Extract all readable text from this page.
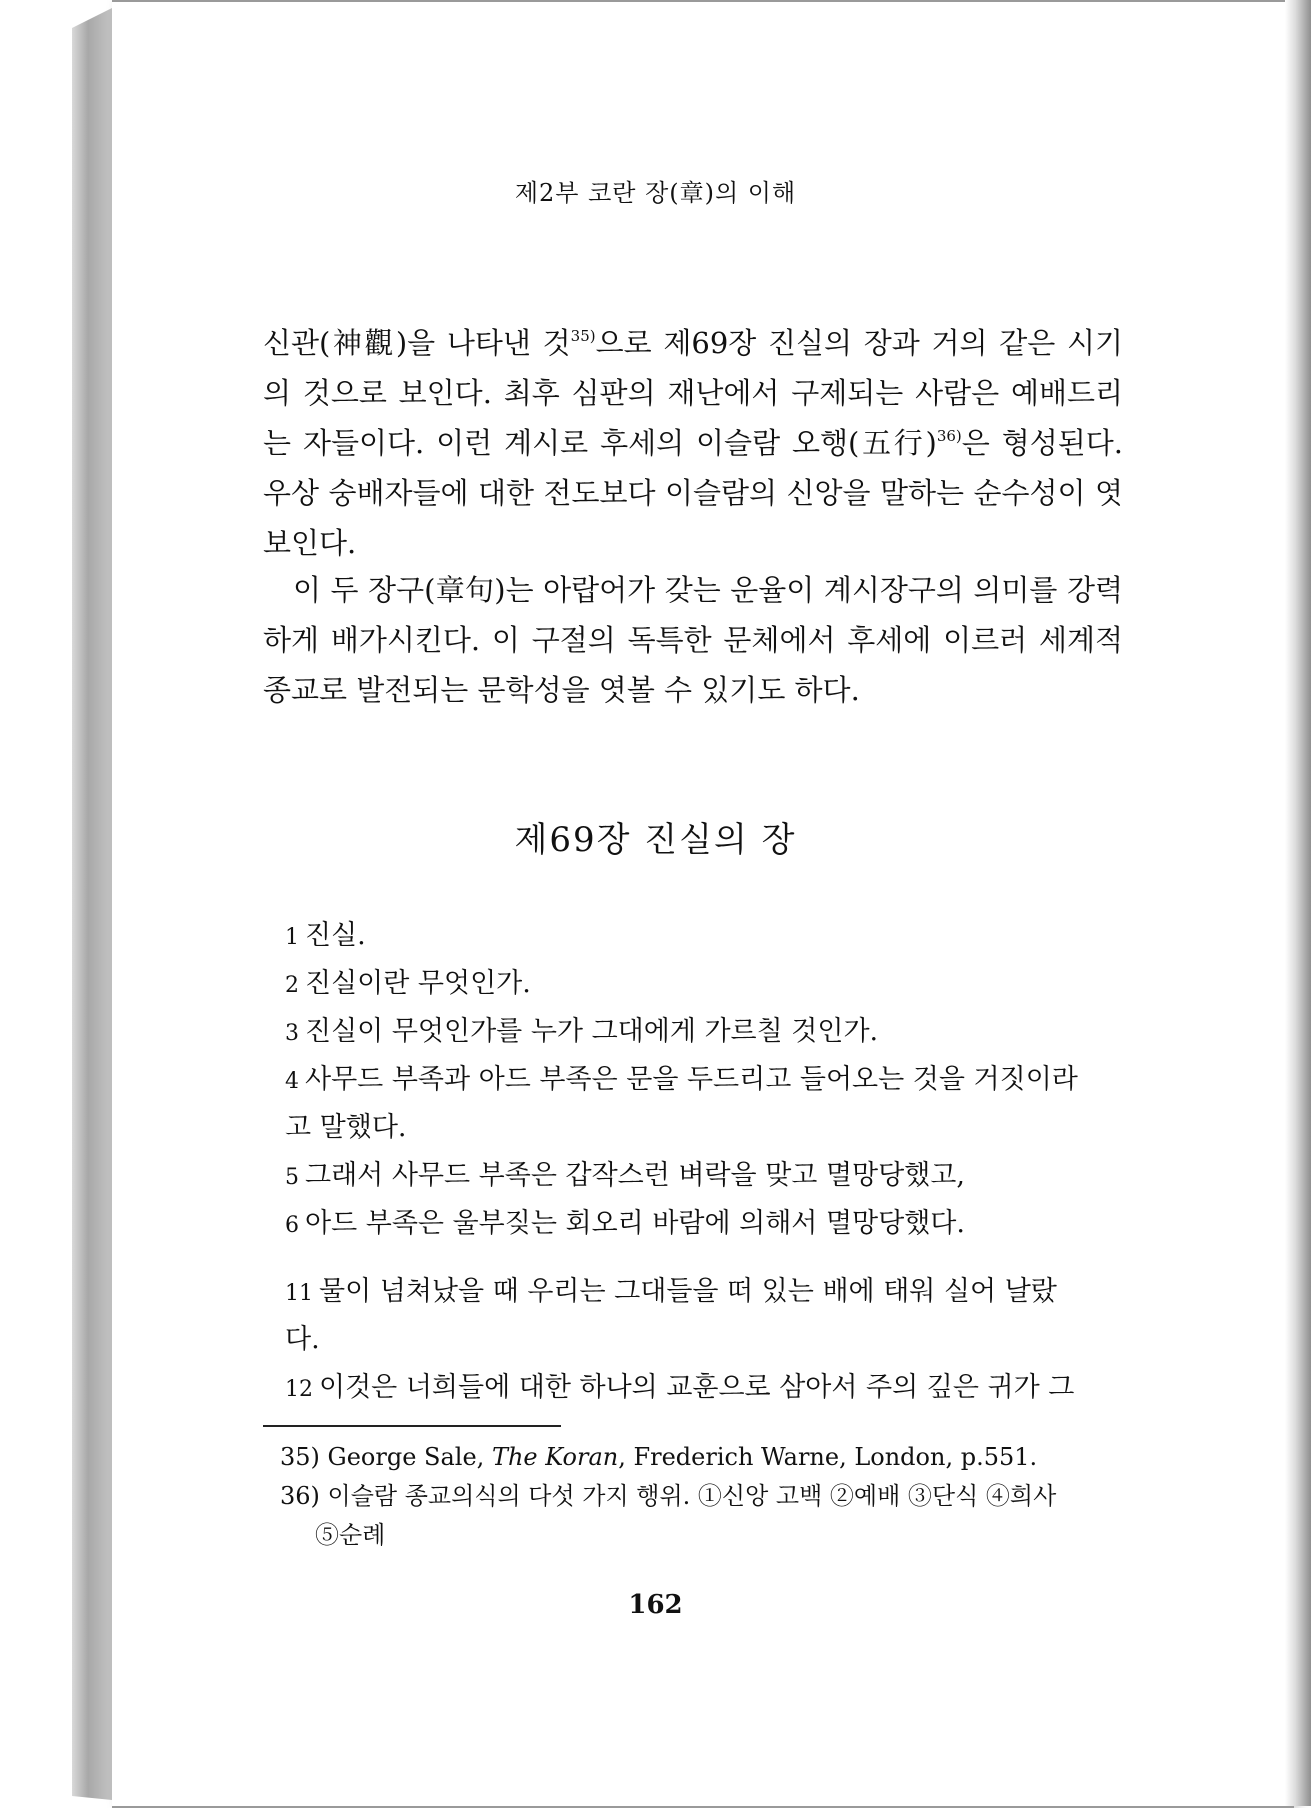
제2부 코란 장(章)의 이해

신관(神觀)을 나타낸 것$^{35)}$으로 제69장 진실의 장과 거의 같은 시기의 것으로 보인다. 최후 심판의 재난에서 구제되는 사람은 예배드리는 자들이다. 이런 계시로 후세의 이슬람 오행(五行)$^{36)}$은 형성된다. 우상 숭배자들에 대한 전도보다 이슬람의 신앙을 말하는 순수성이 엿보인다.

이 두 장구(章句)는 아랍어가 갖는 운율이 계시장구의 의미를 강력하게 배가시킨다. 이 구절의 독특한 문체에서 후세에 이르러 세계적 종교로 발전되는 문학성을 엿볼 수 있기도 하다.

제69장 진실의 장
1 진실.
2 진실이란 무엇인가.
3 진실이 무엇인가를 누가 그대에게 가르칠 것인가.
4 사무드 부족과 아드 부족은 문을 두드리고 들어오는 것을 거짓이라
고 말했다.
5 그래서 사무드 부족은 갑작스런 벼락을 맞고 멸망당했고,
6 아드 부족은 울부짖는 회오리 바람에 의해서 멸망당했다.
11 물이 넘쳐났을 때 우리는 그대들을 떠 있는 배에 태워 실어 날랐
다.
12 이것은 너희들에 대한 하나의 교훈으로 삼아서 주의 깊은 귀가 그
35) George Sale, The Koran, Frederich Warne, London, p.551.
36) 이슬람 종교의식의 다섯 가지 행위. ①신앙 고백 ②예배 ③단식 ④희사
⑤순례
162
